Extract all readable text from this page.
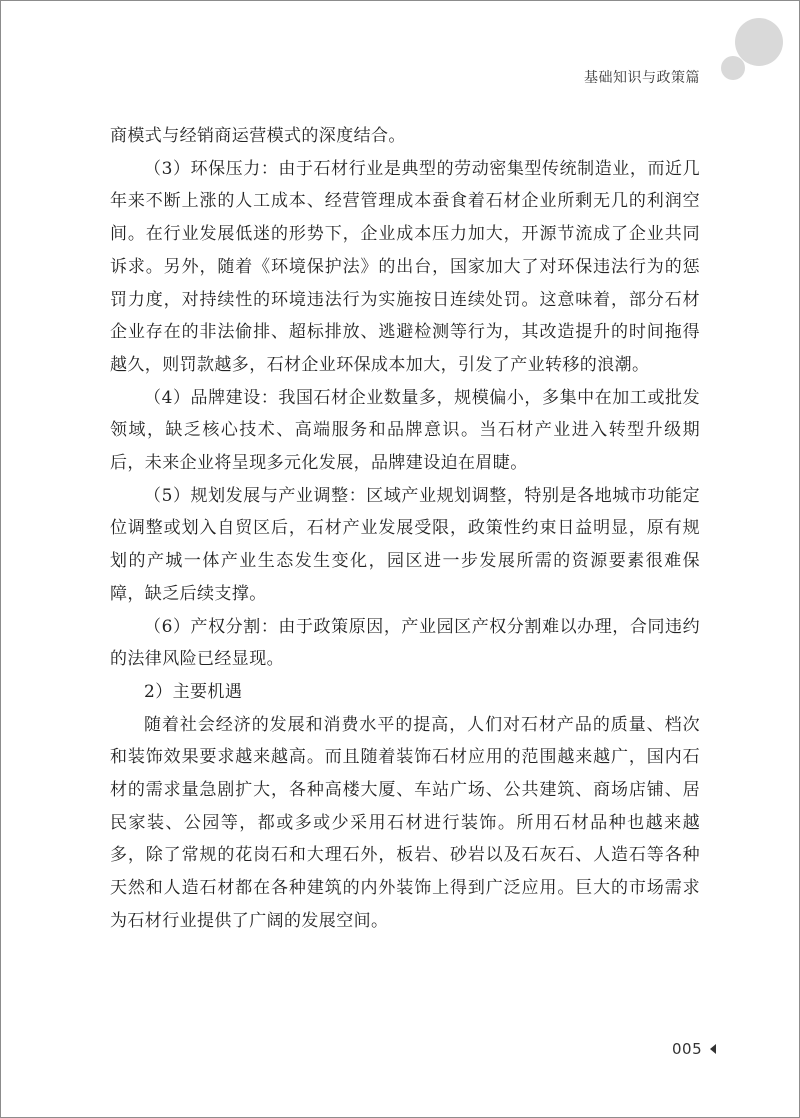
基础知识与政策篇

商模式与经销商运营模式的深度结合。

（3）环保压力：由于石材行业是典型的劳动密集型传统制造业，而近几年来不断上涨的人工成本、经营管理成本蚕食着石材企业所剩无几的利润空间。在行业发展低迷的形势下，企业成本压力加大，开源节流成了企业共同诉求。另外，随着《环境保护法》的出台，国家加大了对环保违法行为的惩罚力度，对持续性的环境违法行为实施按日连续处罚。这意味着，部分石材企业存在的非法偷排、超标排放、逃避检测等行为，其改造提升的时间拖得越久，则罚款越多，石材企业环保成本加大，引发了产业转移的浪潮。

（4）品牌建设：我国石材企业数量多，规模偏小，多集中在加工或批发领域，缺乏核心技术、高端服务和品牌意识。当石材产业进入转型升级期后，未来企业将呈现多元化发展，品牌建设迫在眉睫。

（5）规划发展与产业调整：区域产业规划调整，特别是各地城市功能定位调整或划入自贸区后，石材产业发展受限，政策性约束日益明显，原有规划的产城一体产业生态发生变化，园区进一步发展所需的资源要素很难保障，缺乏后续支撑。

（6）产权分割：由于政策原因，产业园区产权分割难以办理，合同违约的法律风险已经显现。

2）主要机遇

随着社会经济的发展和消费水平的提高，人们对石材产品的质量、档次和装饰效果要求越来越高。而且随着装饰石材应用的范围越来越广，国内石材的需求量急剧扩大，各种高楼大厦、车站广场、公共建筑、商场店铺、居民家装、公园等，都或多或少采用石材进行装饰。所用石材品种也越来越多，除了常规的花岗石和大理石外，板岩、砂岩以及石灰石、人造石等各种天然和人造石材都在各种建筑的内外装饰上得到广泛应用。巨大的市场需求为石材行业提供了广阔的发展空间。

005
